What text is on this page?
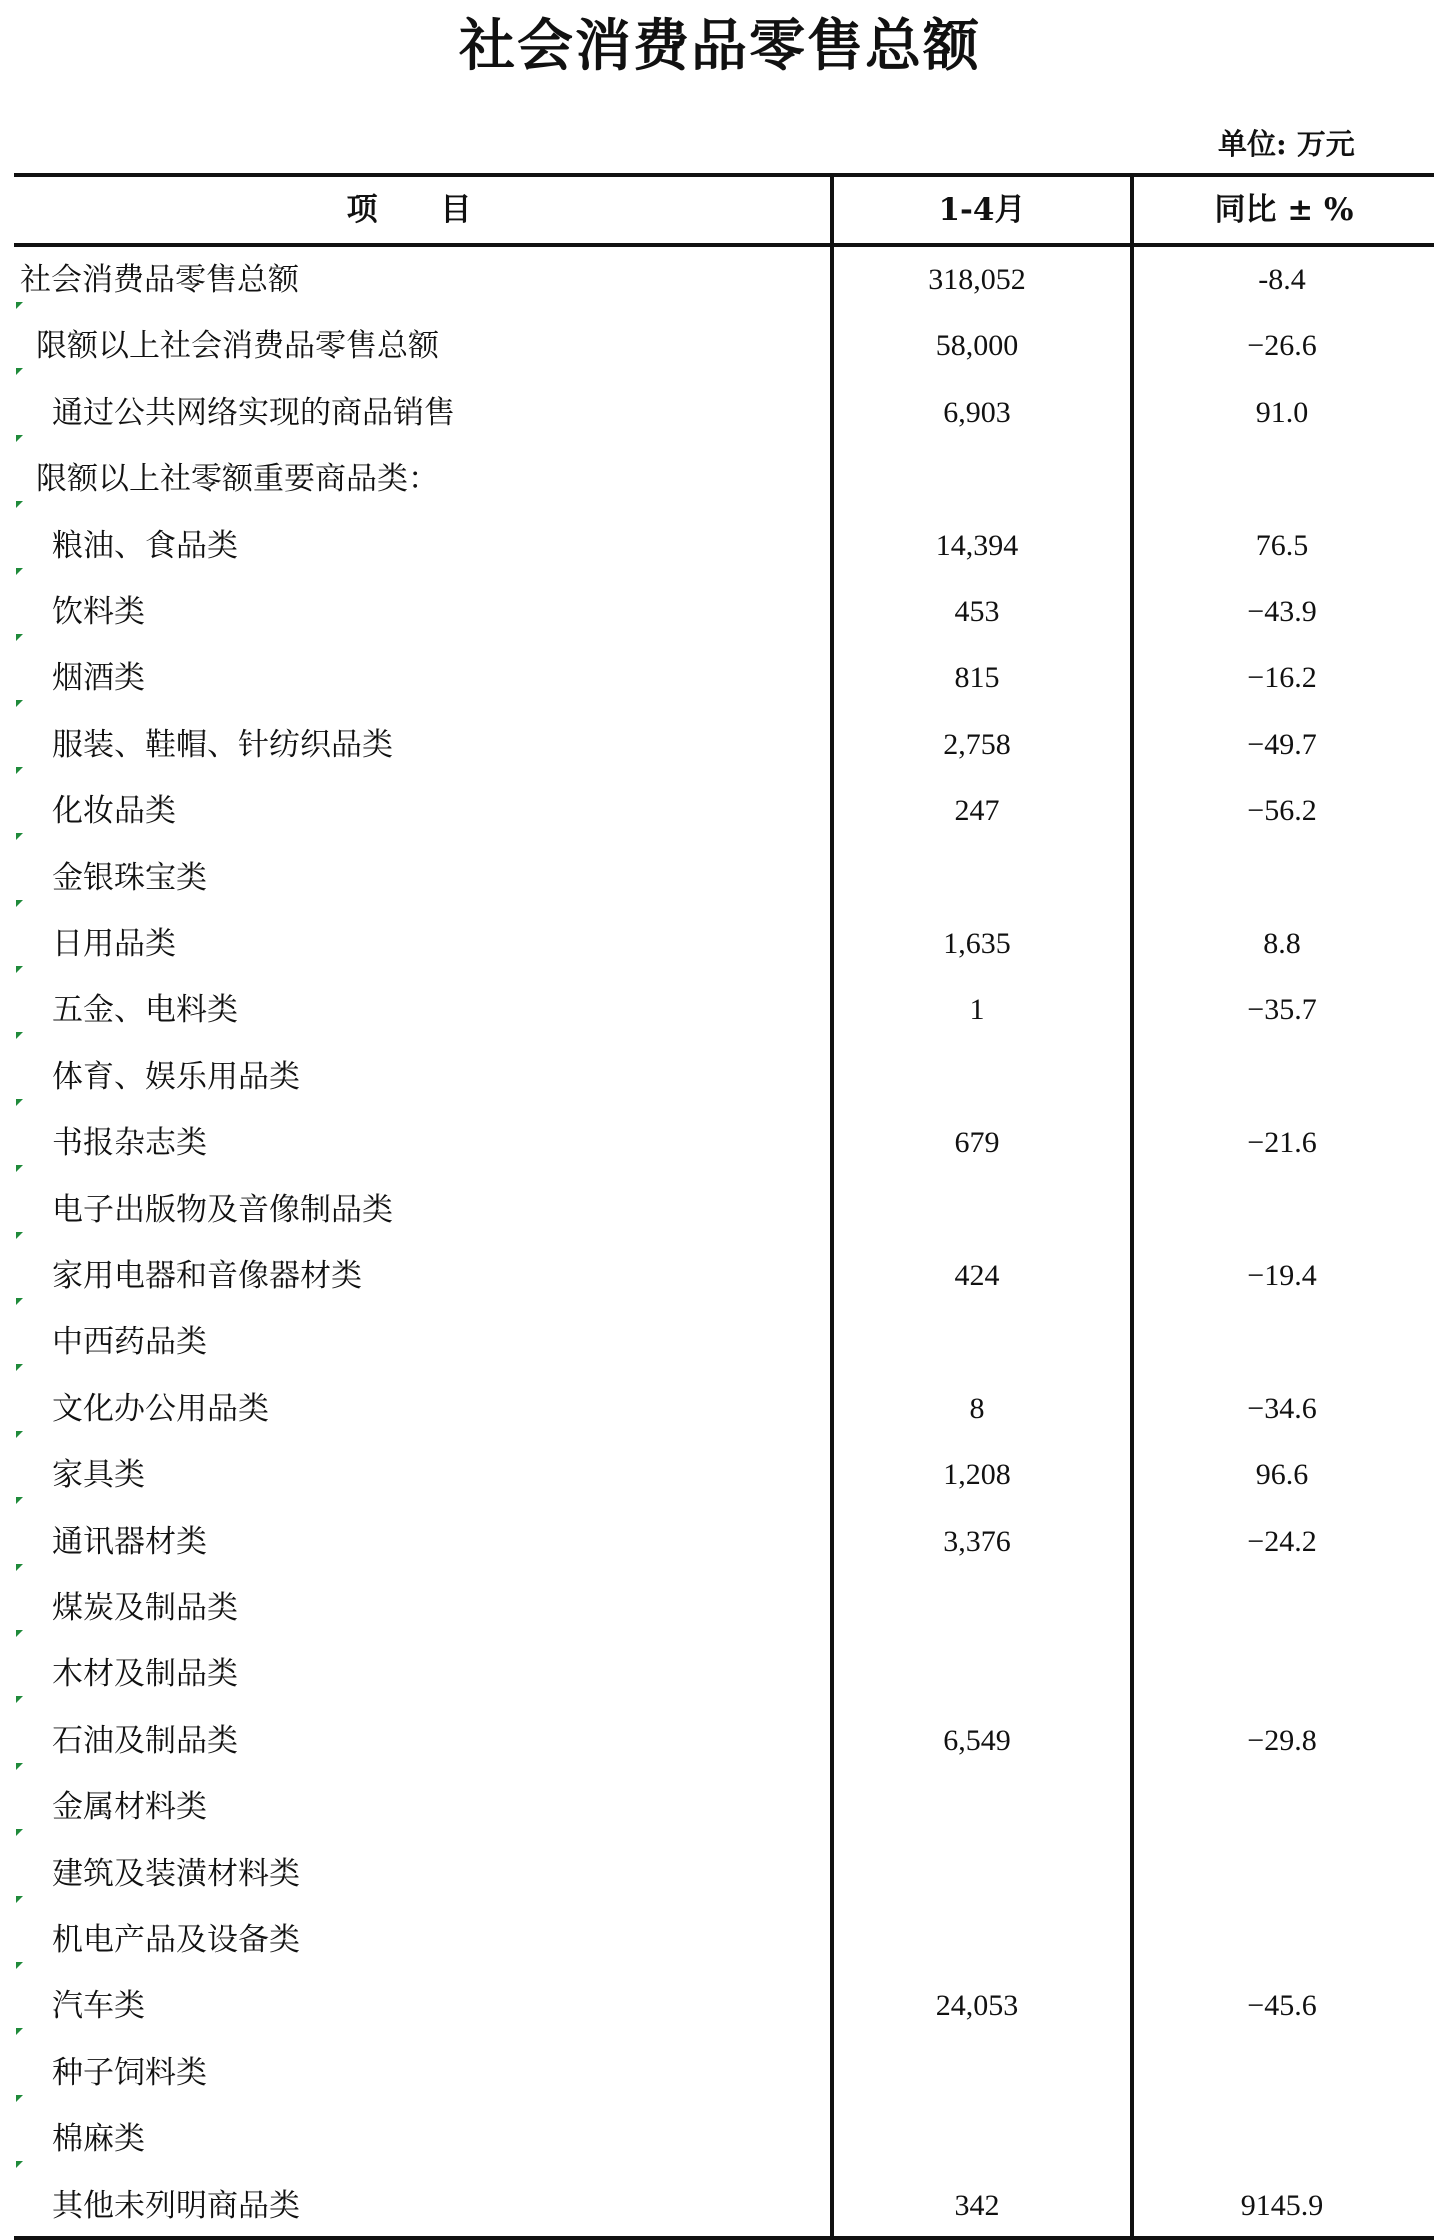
社会消费品零售总额
单位: 万元
项 目	1-4月	同比 ± %
社会消费品零售总额	318,052	-8.4
限额以上社会消费品零售总额	58,000	−26.6
通过公共网络实现的商品销售	6,903	91.0
限额以上社零额重要商品类：
粮油、食品类	14,394	76.5
饮料类	453	−43.9
烟酒类	815	−16.2
服装、鞋帽、针纺织品类	2,758	−49.7
化妆品类	247	−56.2
金银珠宝类
日用品类	1,635	8.8
五金、电料类	1	−35.7
体育、娱乐用品类
书报杂志类	679	−21.6
电子出版物及音像制品类
家用电器和音像器材类	424	−19.4
中西药品类
文化办公用品类	8	−34.6
家具类	1,208	96.6
通讯器材类	3,376	−24.2
煤炭及制品类
木材及制品类
石油及制品类	6,549	−29.8
金属材料类
建筑及装潢材料类
机电产品及设备类
汽车类	24,053	−45.6
种子饲料类
棉麻类
其他未列明商品类	342	9145.9
